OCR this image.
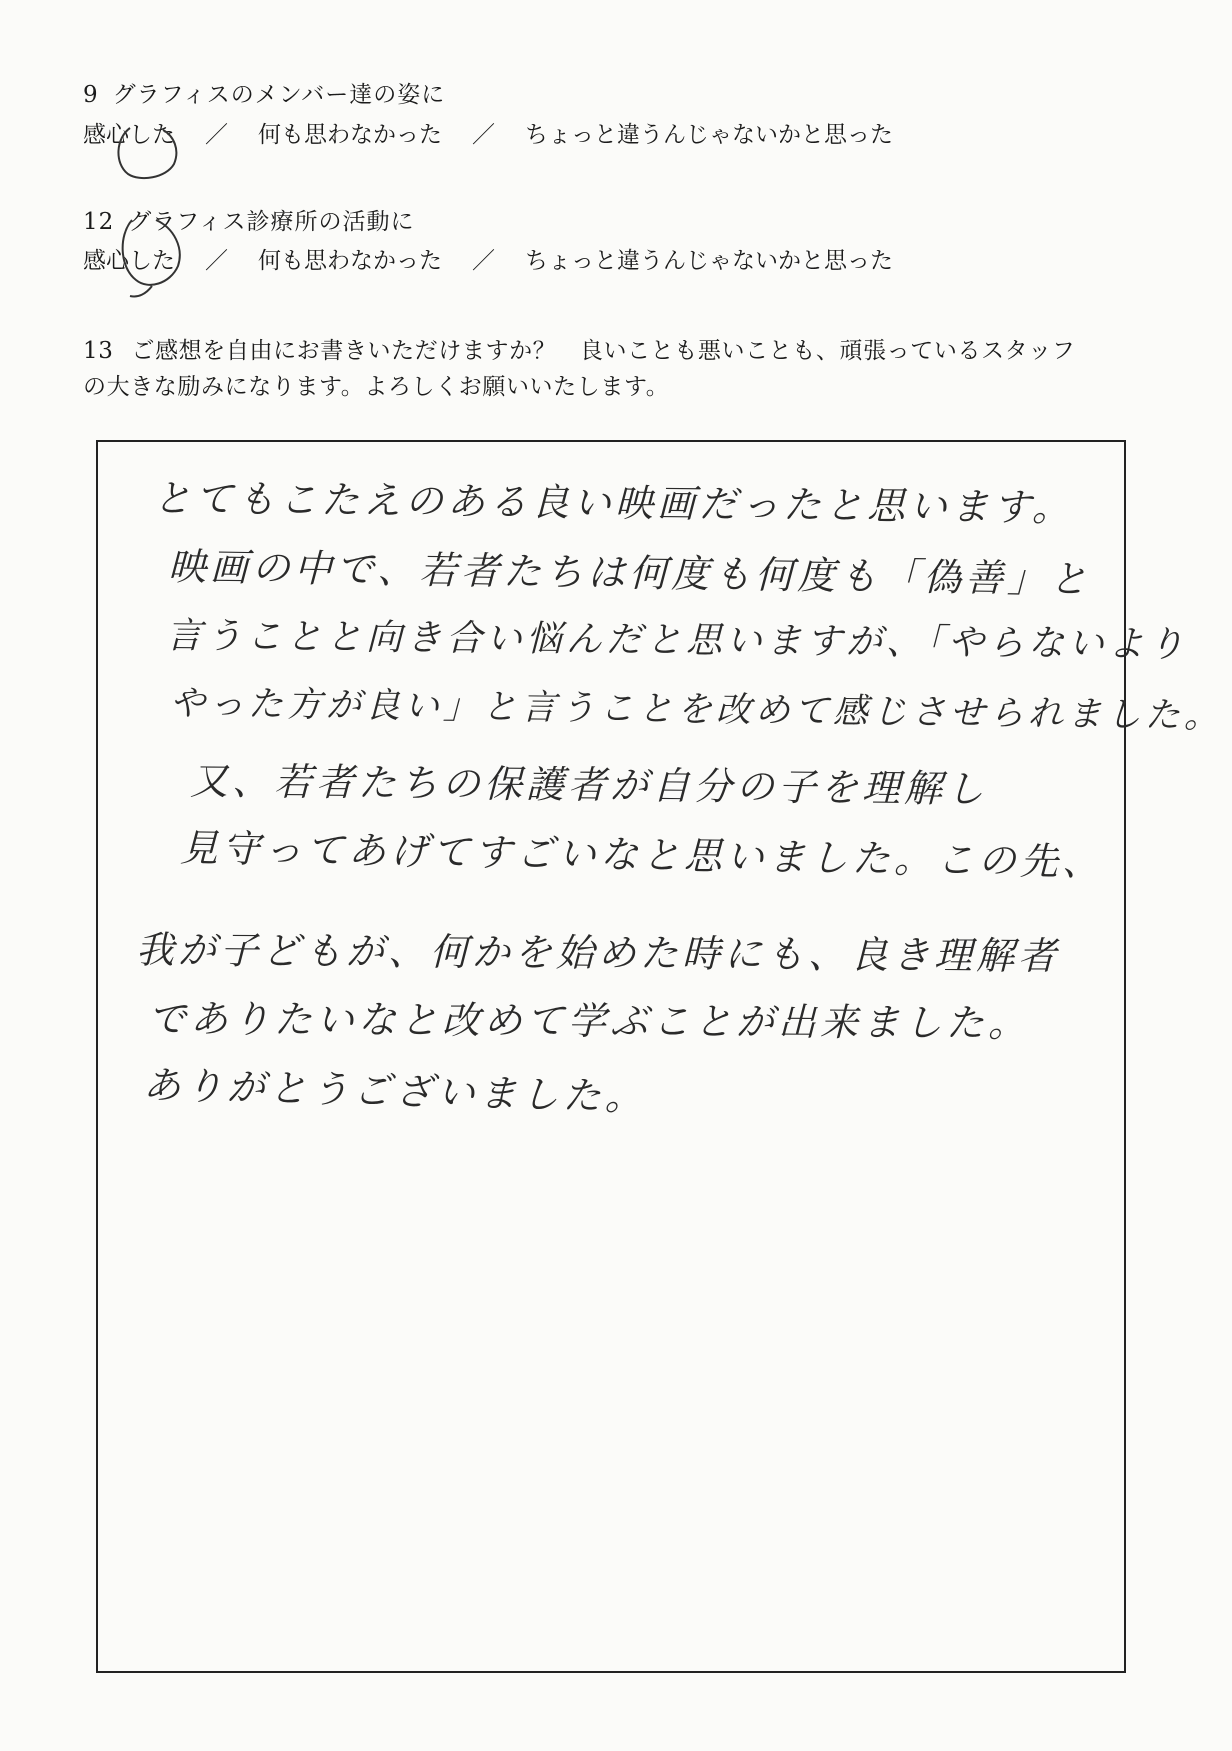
9 グラフィスのメンバー達の姿に
感心した ／ 何も思わなかった ／ ちょっと違うんじゃないかと思った
12 グラフィス診療所の活動に
感心した ／ 何も思わなかった ／ ちょっと違うんじゃないかと思った
13 ご感想を自由にお書きいただけますか？　良いことも悪いことも、頑張っているスタッフ
の大きな励みになります。よろしくお願いいたします。
とてもこたえのある良い映画だったと思います。
映画の中で、若者たちは何度も何度も「偽善」と
言うことと向き合い悩んだと思いますが、「やらないより
やった方が良い」と言うことを改めて感じさせられました。
又、若者たちの保護者が自分の子を理解し
見守ってあげてすごいなと思いました。この先、
我が子どもが、何かを始めた時にも、良き理解者
でありたいなと改めて学ぶことが出来ました。
ありがとうございました。
